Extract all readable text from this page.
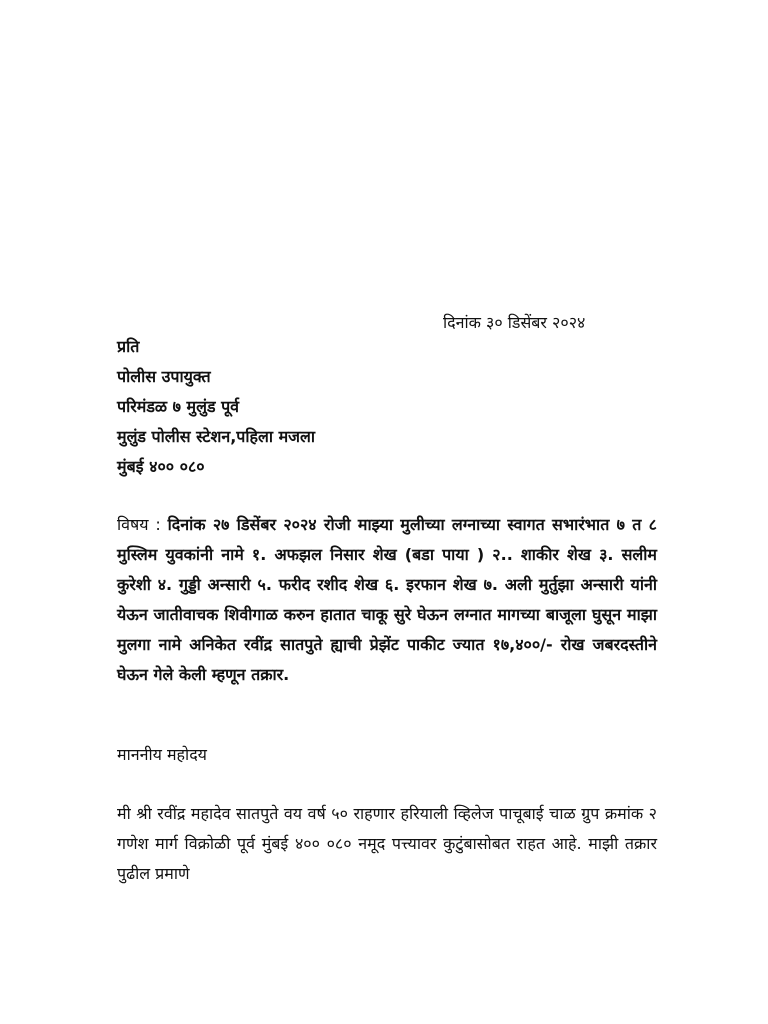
दिनांक ३० डिसेंबर २०२४
प्रति
पोलीस उपायुक्त
परिमंडळ ७ मुलुंड पूर्व
मुलुंड पोलीस स्टेशन,पहिला मजला
मुंबई ४०० ०८०
विषय : दिनांक २७ डिसेंबर २०२४ रोजी माझ्या मुलीच्या लग्नाच्या स्वागत सभारंभात ७ त ८ मुस्लिम युवकांनी नामे १. अफझल निसार शेख (बडा पाया ) २.. शाकीर शेख ३. सलीम कुरेशी ४. गुड्डी अन्सारी ५. फरीद रशीद शेख ६. इरफान शेख ७. अली मुर्तुझा अन्सारी यांनी येऊन जातीवाचक शिवीगाळ करुन हातात चाकू सुरे घेऊन लग्नात मागच्या बाजूला घुसून माझा मुलगा नामे अनिकेत रवींद्र सातपुते ह्याची प्रेझेंट पाकीट ज्यात १७,४००/- रोख जबरदस्तीने घेऊन गेले केली म्हणून तक्रार.
माननीय महोदय
मी श्री रवींद्र महादेव सातपुते वय वर्ष ५० राहणार हरियाली व्हिलेज पाचूबाई चाळ ग्रुप क्रमांक २ गणेश मार्ग विक्रोळी पूर्व मुंबई ४०० ०८० नमूद पत्त्यावर कुटुंबासोबत राहत आहे. माझी तक्रार पुढील प्रमाणे
